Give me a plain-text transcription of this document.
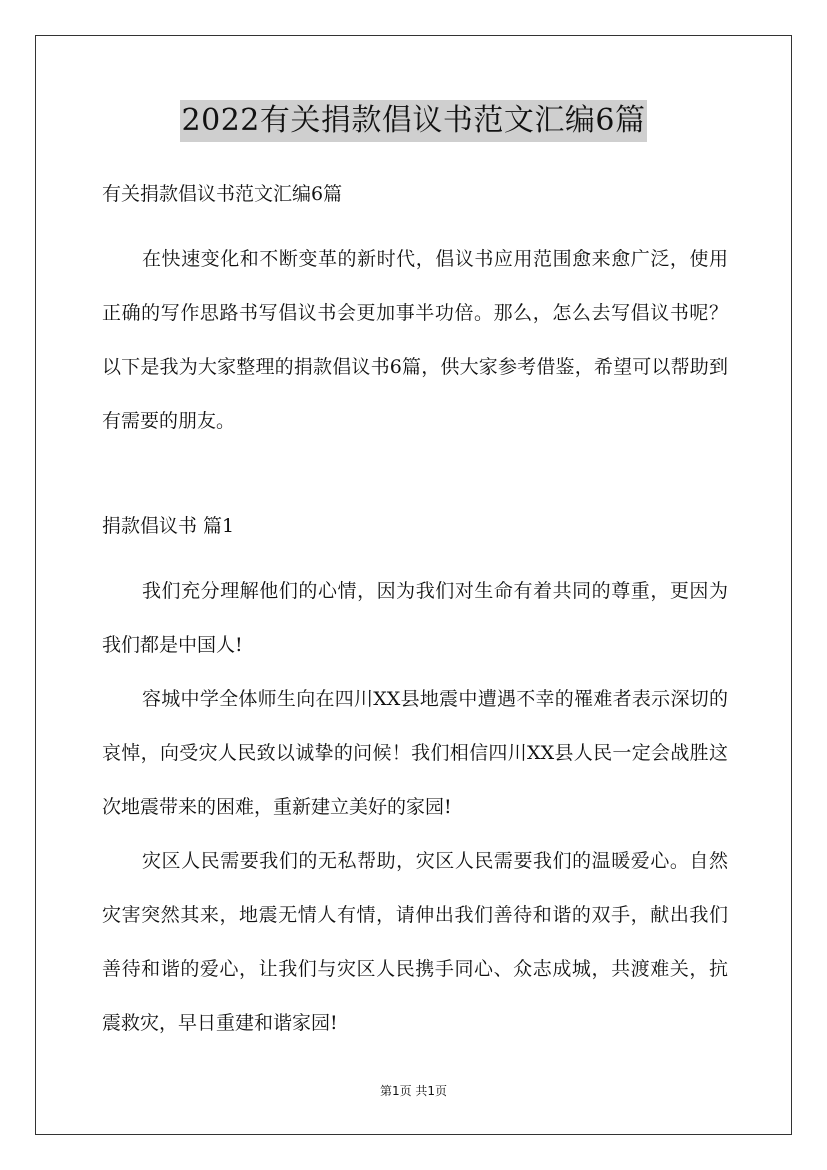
2022有关捐款倡议书范文汇编6篇
有关捐款倡议书范文汇编6篇

在快速变化和不断变革的新时代，倡议书应用范围愈来愈广泛，使用正确的写作思路书写倡议书会更加事半功倍。那么，怎么去写倡议书呢？以下是我为大家整理的捐款倡议书6篇，供大家参考借鉴，希望可以帮助到有需要的朋友。

捐款倡议书 篇1

我们充分理解他们的心情，因为我们对生命有着共同的尊重，更因为我们都是中国人!

容城中学全体师生向在四川XX县地震中遭遇不幸的罹难者表示深切的哀悼，向受灾人民致以诚挚的问候！我们相信四川XX县人民一定会战胜这次地震带来的困难，重新建立美好的家园!

灾区人民需要我们的无私帮助，灾区人民需要我们的温暖爱心。自然灾害突然其来，地震无情人有情，请伸出我们善待和谐的双手，献出我们善待和谐的爱心，让我们与灾区人民携手同心、众志成城，共渡难关，抗震救灾，早日重建和谐家园!

第1页 共1页
